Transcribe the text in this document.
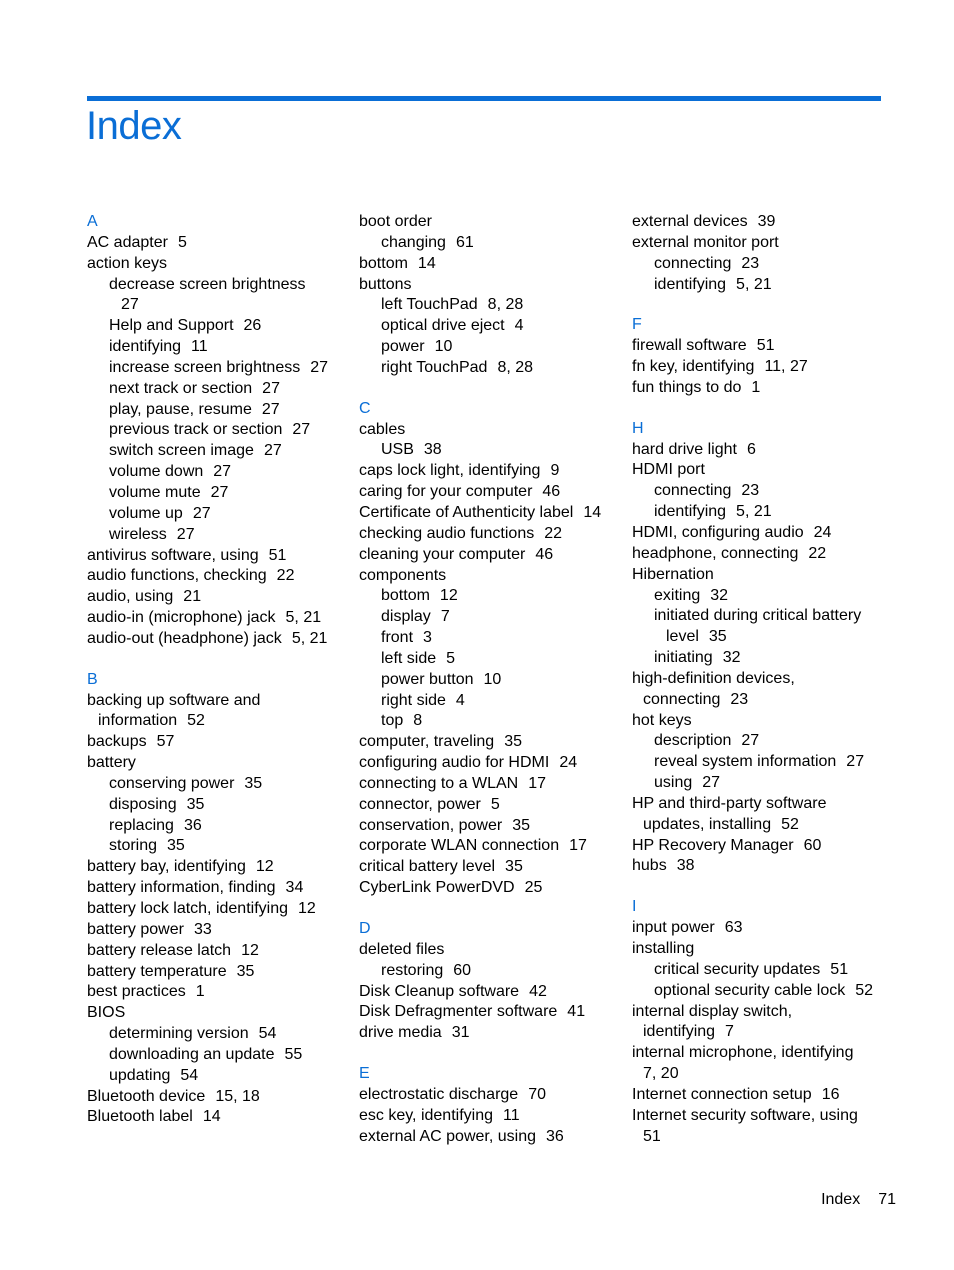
Index
A
AC adapter 5
action keys
decrease screen brightness
27
Help and Support 26
identifying 11
increase screen brightness 27
next track or section 27
play, pause, resume 27
previous track or section 27
switch screen image 27
volume down 27
volume mute 27
volume up 27
wireless 27
antivirus software, using 51
audio functions, checking 22
audio, using 21
audio-in (microphone) jack 5, 21
audio-out (headphone) jack 5, 21
B
backing up software and
information 52
backups 57
battery
conserving power 35
disposing 35
replacing 36
storing 35
battery bay, identifying 12
battery information, finding 34
battery lock latch, identifying 12
battery power 33
battery release latch 12
battery temperature 35
best practices 1
BIOS
determining version 54
downloading an update 55
updating 54
Bluetooth device 15, 18
Bluetooth label 14
boot order
changing 61
bottom 14
buttons
left TouchPad 8, 28
optical drive eject 4
power 10
right TouchPad 8, 28
C
cables
USB 38
caps lock light, identifying 9
caring for your computer 46
Certificate of Authenticity label 14
checking audio functions 22
cleaning your computer 46
components
bottom 12
display 7
front 3
left side 5
power button 10
right side 4
top 8
computer, traveling 35
configuring audio for HDMI 24
connecting to a WLAN 17
connector, power 5
conservation, power 35
corporate WLAN connection 17
critical battery level 35
CyberLink PowerDVD 25
D
deleted files
restoring 60
Disk Cleanup software 42
Disk Defragmenter software 41
drive media 31
E
electrostatic discharge 70
esc key, identifying 11
external AC power, using 36
external devices 39
external monitor port
connecting 23
identifying 5, 21
F
firewall software 51
fn key, identifying 11, 27
fun things to do 1
H
hard drive light 6
HDMI port
connecting 23
identifying 5, 21
HDMI, configuring audio 24
headphone, connecting 22
Hibernation
exiting 32
initiated during critical battery
level 35
initiating 32
high-definition devices,
connecting 23
hot keys
description 27
reveal system information 27
using 27
HP and third-party software
updates, installing 52
HP Recovery Manager 60
hubs 38
I
input power 63
installing
critical security updates 51
optional security cable lock 52
internal display switch,
identifying 7
internal microphone, identifying
7, 20
Internet connection setup 16
Internet security software, using
51
Index 71
